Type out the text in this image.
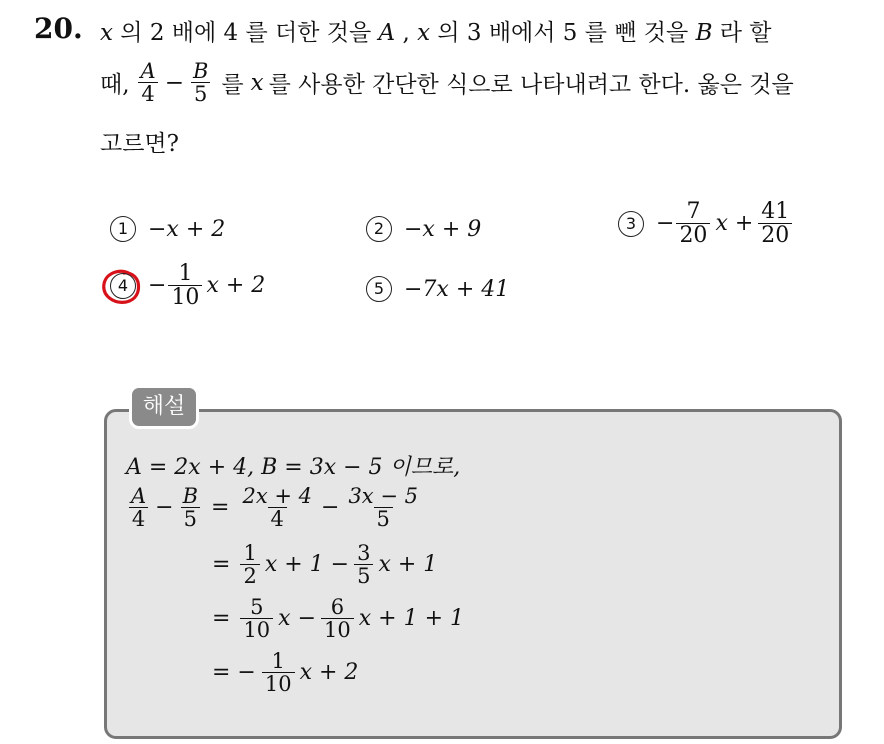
20. x 의 2 배에 4 를 더한 것을 A , x 의 3 배에서 5 를 뺀 것을 B 라 할
때, $\frac{A}{4} - \frac{B}{5}$ 를 x 를 사용한 간단한 식으로 나타내려고 한다. 옳은 것을
고르면?
1 −x + 2	2 −x + 9	$3 - \frac{7}{20}$ $x + \frac{41}{20}$
$4 - \frac{1}{10}$ x + 2	5 −7x + 41
해설
A = 2x + 4, B = 3x − 5 이므로,
$\frac{A}{4} - \frac{B}{5} = \frac{2x + 4}{4} - \frac{3x - 5}{5}$
= $\frac{1}{2}$ $x + 1 - \frac{3}{5}$ x + 1
= $\frac{5}{10}$ $x - \frac{6}{10}$ x + 1 + 1
= − $\frac{1}{10}$ x + 2
